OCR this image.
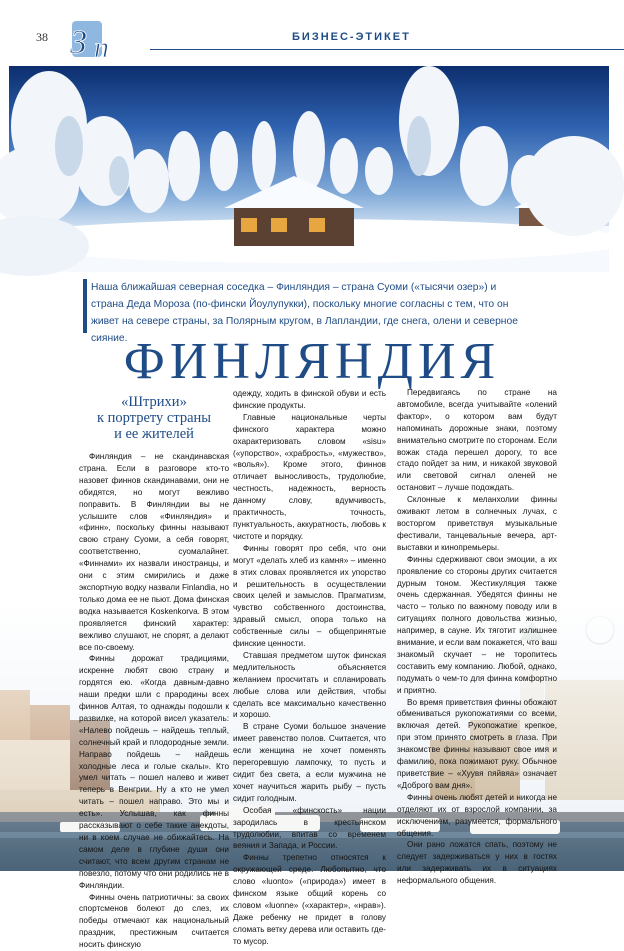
38 З п	БИЗНЕС-ЭТИКЕТ
Наша ближайшая северная соседка – Финляндия – страна Суоми («тысячи озер») и страна Деда Мороза (по-фински Йоулупукки), поскольку многие согласны с тем, что он живет на севере страны, за Полярным кругом, в Лапландии, где снега, олени и северное сияние.
ФИНЛЯНДИЯ
«Штрихи»
к портрету страны
и ее жителей

Финляндия – не скандинавская страна. Если в разговоре кто-то назовет финнов скандинавами, они не обидятся, но могут вежливо поправить. В Финляндии вы не услышите слов «Финляндия» и «финн», поскольку финны называют свою страну Суоми, а себя говорят, соответственно, суомалайнет. «Финнами» их назвали иностранцы, и они с этим смирились и даже экспортную водку назвали Finlandia, но только дома ее не пьют. Дома финская водка называется Koskenkorva. В этом проявляется финский характер: вежливо слушают, не спорят, а делают все по-своему.

Финны дорожат традициями, искренне любят свою страну и гордятся ею. «Когда давным-давно наши предки шли с прародины всех финнов Алтая, то однажды подошли к развилке, на которой висел указатель: «Налево пойдешь – найдешь теплый, солнечный край и плодородные земли. Направо пойдешь – найдешь холодные леса и голые скалы». Кто умел читать – пошел налево и живет теперь в Венгрии. Ну а кто не умел читать – пошел направо. Это мы и есть». Услышав, как финны рассказывают о себе такие анекдоты, ни в коем случае не обижайтесь. На самом деле в глубине души они считают, что всем другим странам не повезло, потому что они родились не в Финляндии.

Финны очень патриотичны: за своих спортсменов болеют до слез, их победы отмечают как национальный праздник, престижным считается носить финскую

одежду, ходить в финской обуви и есть финские продукты.

Главные национальные черты финского характера можно охарактеризовать словом «sisu» («упорство», «храбрость», «мужество», «волья»). Кроме этого, финнов отличает выносливость, трудолюбие, честность, надежность, верность данному слову, вдумчивость, практичность, точность, пунктуальность, аккуратность, любовь к чистоте и порядку.

Финны говорят про себя, что они могут «делать хлеб из камня» – именно в этих словах проявляется их упорство и решительность в осуществлении своих целей и замыслов. Прагматизм, чувство собственного достоинства, здравый смысл, опора только на собственные силы – общепринятые финские ценности.

Ставшая предметом шуток финская медлительность объясняется желанием просчитать и спланировать любые слова или действия, чтобы сделать все максимально качественно и хорошо.

В стране Суоми большое значение имеет равенство полов. Считается, что если женщина не хочет поменять перегоревшую лампочку, то пусть и сидит без света, а если мужчина не хочет научиться жарить рыбу – пусть сидит голодным.

Особая «финскость» нации зародилась в крестьянском трудолюбии, впитав со временем веяния и Запада, и России.

Финны трепетно относятся к окружающей среде. Любопытно, что слово «luonto» («природа») имеет в финском языке общий корень со словом «luonne» («характер», «нрав»). Даже ребенку не придет в голову сломать ветку дерева или оставить где-то мусор.

Передвигаясь по стране на автомобиле, всегда учитывайте «олений фактор», о котором вам будут напоминать дорожные знаки, поэтому внимательно смотрите по сторонам. Если вожак стада перешел дорогу, то все стадо пойдет за ним, и никакой звуковой или световой сигнал оленей не остановит – лучше подождать.

Склонные к меланхолии финны оживают летом в солнечных лучах, с восторгом приветствуя музыкальные фестивали, танцевальные вечера, арт-выставки и кинопремьеры.

Финны сдерживают свои эмоции, а их проявление со стороны других считается дурным тоном. Жестикуляция также очень сдержанная. Убедятся финны не часто – только по важному поводу или в ситуациях полного довольства жизнью, например, в сауне. Их тяготит излишнее внимание, и если вам покажется, что ваш знакомый скучает – не торопитесь составить ему компанию. Любой, однако, подумать о чем-то для финна комфортно и приятно.

Во время приветствия финны обожают обмениваться рукопожатиями со всеми, включая детей. Рукопожатие крепкое, при этом принято смотреть в глаза. При знакомстве финны называют свое имя и фамилию, пока пожимают руку. Обычное приветствие – «Хуувя пяйвяа» означает «Доброго вам дня».

Финны очень любят детей и никогда не отделяют их от взрослой компании, за исключением, разумеется, формального общения.

Они рано ложатся спать, поэтому не следует задерживаться у них в гостях или задерживать их в ситуациях неформального общения.
